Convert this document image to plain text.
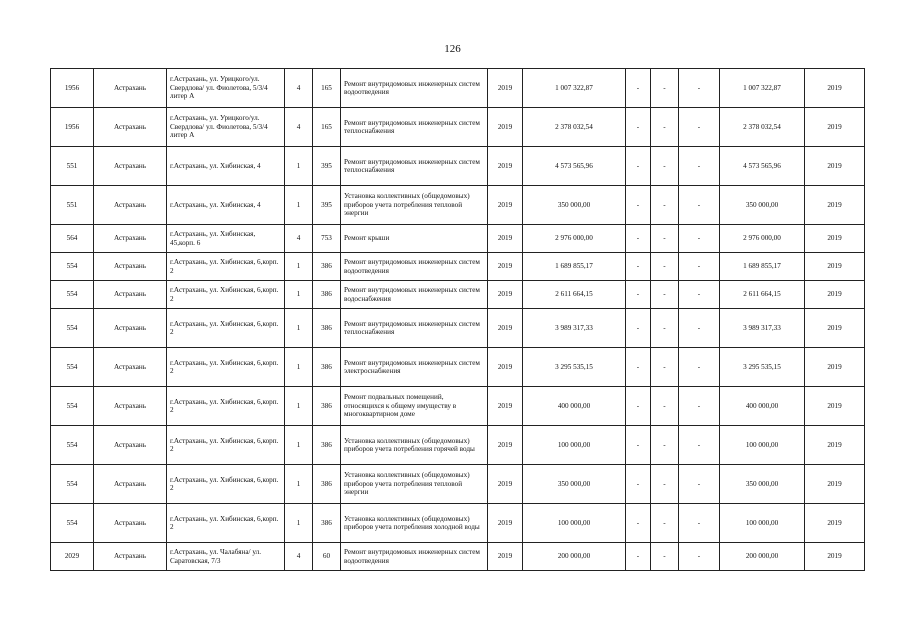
126
1956	Астрахань	г.Астрахань, ул. Урицкого/ул. Свердлова/ ул. Фиолетова, 5/3/4 литер А	4	165	Ремонт внутридомовых инженерных систем водоотведения	2019	1 007 322,87	-	-	-	1 007 322,87	2019
1956	Астрахань	г.Астрахань, ул. Урицкого/ул. Свердлова/ ул. Фиолетова, 5/3/4 литер А	4	165	Ремонт внутридомовых инженерных систем теплоснабжения	2019	2 378 032,54	-	-	-	2 378 032,54	2019
551	Астрахань	г.Астрахань, ул. Хибинская, 4	1	395	Ремонт внутридомовых инженерных систем теплоснабжения	2019	4 573 565,96	-	-	-	4 573 565,96	2019
551	Астрахань	г.Астрахань, ул. Хибинская, 4	1	395	Установка коллективных (общедомовых) приборов учета потребления тепловой энергии	2019	350 000,00	-	-	-	350 000,00	2019
564	Астрахань	г.Астрахань, ул. Хибинская, 45,корп. 6	4	753	Ремонт крыши	2019	2 976 000,00	-	-	-	2 976 000,00	2019
554	Астрахань	г.Астрахань, ул. Хибинская, 6,корп. 2	1	386	Ремонт внутридомовых инженерных систем водоотведения	2019	1 689 855,17	-	-	-	1 689 855,17	2019
554	Астрахань	г.Астрахань, ул. Хибинская, 6,корп. 2	1	386	Ремонт внутридомовых инженерных систем водоснабжения	2019	2 611 664,15	-	-	-	2 611 664,15	2019
554	Астрахань	г.Астрахань, ул. Хибинская, 6,корп. 2	1	386	Ремонт внутридомовых инженерных систем теплоснабжения	2019	3 989 317,33	-	-	-	3 989 317,33	2019
554	Астрахань	г.Астрахань, ул. Хибинская, 6,корп. 2	1	386	Ремонт внутридомовых инженерных систем электроснабжения	2019	3 295 535,15	-	-	-	3 295 535,15	2019
554	Астрахань	г.Астрахань, ул. Хибинская, 6,корп. 2	1	386	Ремонт подвальных помещений, относящихся к общему имуществу в многоквартирном доме	2019	400 000,00	-	-	-	400 000,00	2019
554	Астрахань	г.Астрахань, ул. Хибинская, 6,корп. 2	1	386	Установка коллективных (общедомовых) приборов учета потребления горячей воды	2019	100 000,00	-	-	-	100 000,00	2019
554	Астрахань	г.Астрахань, ул. Хибинская, 6,корп. 2	1	386	Установка коллективных (общедомовых) приборов учета потребления тепловой энергии	2019	350 000,00	-	-	-	350 000,00	2019
554	Астрахань	г.Астрахань, ул. Хибинская, 6,корп. 2	1	386	Установка коллективных (общедомовых) приборов учета потребления холодной воды	2019	100 000,00	-	-	-	100 000,00	2019
2029	Астрахань	г.Астрахань, ул. Чалабяна/ ул. Саратовская, 7/3	4	60	Ремонт внутридомовых инженерных систем водоотведения	2019	200 000,00	-	-	-	200 000,00	2019
